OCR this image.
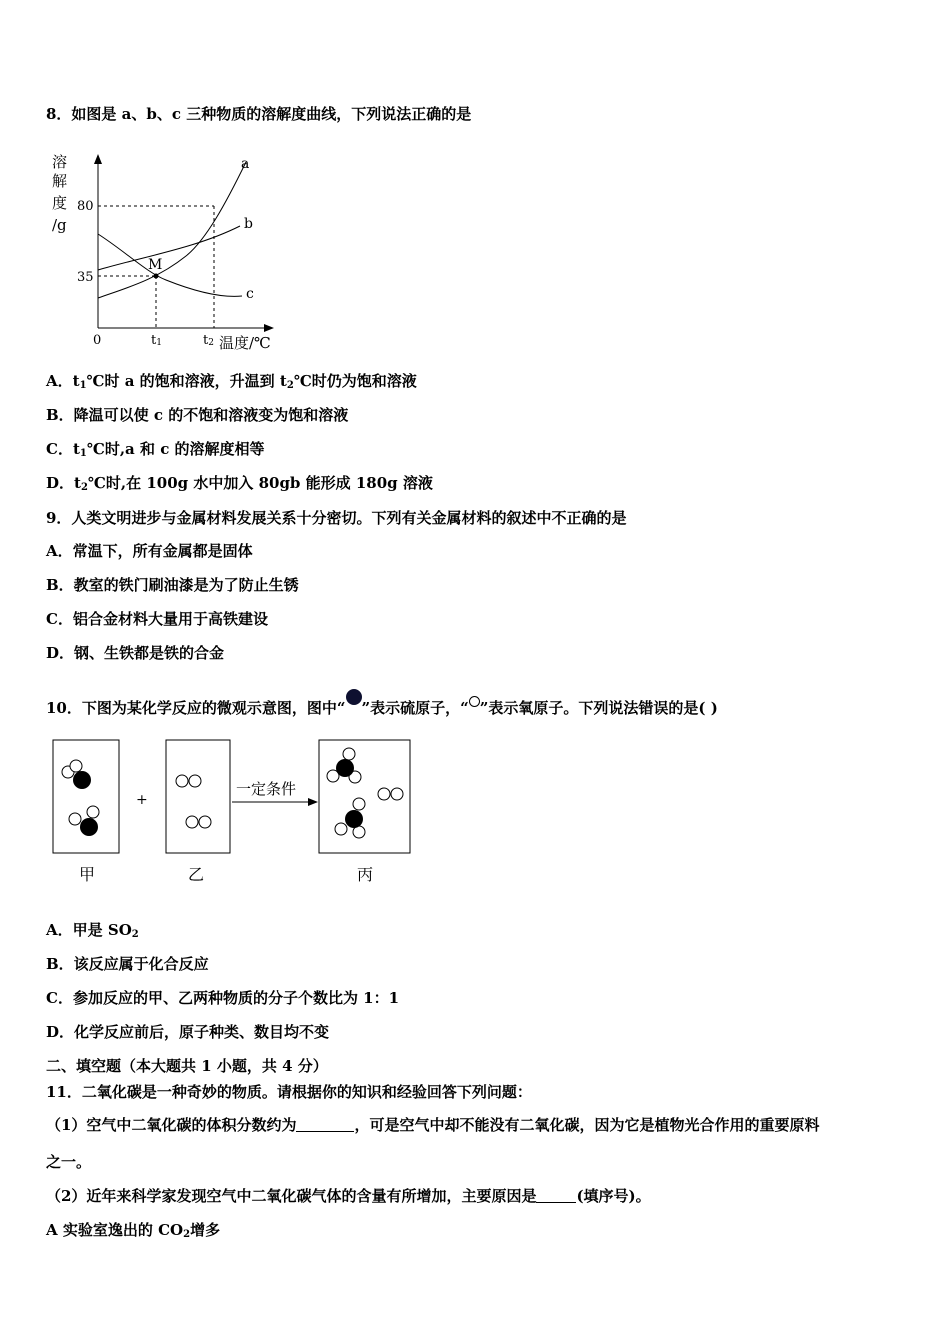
8．如图是 a、b、c 三种物质的溶解度曲线，下列说法正确的是
溶
解
度
/g
a
b
c
M
80
35
0	t1	t2 温度/℃
A．$t_1℃$时 a 的饱和溶液，升温到 $t_2℃$时仍为饱和溶液
B．降温可以使 c 的不饱和溶液变为饱和溶液
C．$t_1℃$时,a 和 c 的溶解度相等
D．$t_2℃$时,在 100g 水中加入 80gb 能形成 180g 溶液
9．人类文明进步与金属材料发展关系十分密切。下列有关金属材料的叙述中不正确的是
A．常温下，所有金属都是固体
B．教室的铁门刷油漆是为了防止生锈
C．铝合金材料大量用于高铁建设
D．钢、生铁都是铁的合金
10．下图为某化学反应的微观示意图，图中“ ”表示硫原子，“ ”表示氧原子。下列说法错误的是( )
+
一定条件
甲	乙	丙
A．甲是 $SO_2$
B．该反应属于化合反应
C．参加反应的甲、乙两种物质的分子个数比为 1：1
D．化学反应前后，原子种类、数目均不变
二、填空题（本大题共 1 小题，共 4 分）
11．二氧化碳是一种奇妙的物质。请根据你的知识和经验回答下列问题：
（1）空气中二氧化碳的体积分数约为	，可是空气中却不能没有二氧化碳，因为它是植物光合作用的重要原料
之一。
（2）近年来科学家发现空气中二氧化碳气体的含量有所增加，主要原因是	(填序号)。
A 实验室逸出的 $CO_2$增多
